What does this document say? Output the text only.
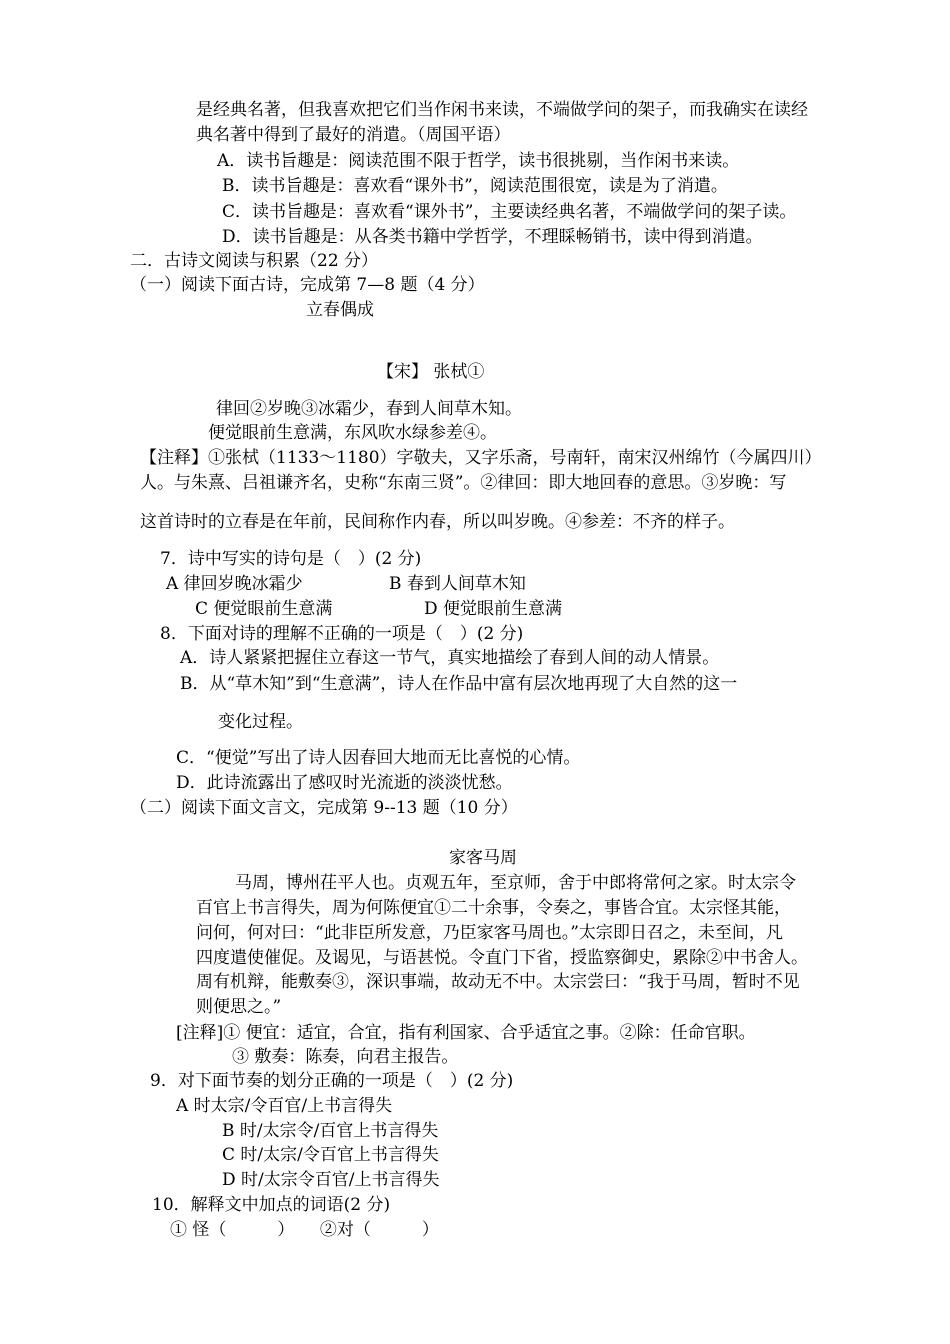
是经典名著，但我喜欢把它们当作闲书来读，不端做学问的架子，而我确实在读经
典名著中得到了最好的消遣。（周国平语）
A．读书旨趣是：阅读范围不限于哲学，读书很挑剔，当作闲书来读。
B．读书旨趣是：喜欢看“课外书”，阅读范围很宽，读是为了消遣。
C．读书旨趣是：喜欢看“课外书”，主要读经典名著，不端做学问的架子读。
D．读书旨趣是：从各类书籍中学哲学，不理睬畅销书，读中得到消遣。
二．古诗文阅读与积累（22 分）
（一）阅读下面古诗，完成第 7—8 题（4 分）
立春偶成
【宋】 张栻①
律回②岁晚③冰霜少，春到人间草木知。
便觉眼前生意满，东风吹水绿参差④。
【注释】①张栻（1133～1180）字敬夫，又字乐斋，号南轩，南宋汉州绵竹（今属四川）
人。与朱熹、吕祖谦齐名，史称“东南三贤”。②律回：即大地回春的意思。③岁晚：写
这首诗时的立春是在年前，民间称作内春，所以叫岁晚。④参差：不齐的样子。
7．诗中写实的诗句是（　）(2 分)
A 律回岁晚冰霜少	B 春到人间草木知
C 便觉眼前生意满	D 便觉眼前生意满
8．下面对诗的理解不正确的一项是（　）(2 分)
A．诗人紧紧把握住立春这一节气，真实地描绘了春到人间的动人情景。
B．从“草木知”到“生意满”，诗人在作品中富有层次地再现了大自然的这一
变化过程。
C．“便觉”写出了诗人因春回大地而无比喜悦的心情。
D．此诗流露出了感叹时光流逝的淡淡忧愁。
（二）阅读下面文言文，完成第 9--13 题（10 分）
家客马周
马周，博州茌平人也。贞观五年，至京师，舍于中郎将常何之家。时太宗令
百官上书言得失，周为何陈便宜①二十余事，令奏之，事皆合宜。太宗怪其能，
问何，何对曰：“此非臣所发意，乃臣家客马周也。”太宗即日召之，未至间，凡
四度遣使催促。及谒见，与语甚悦。令直门下省，授监察御史，累除②中书舍人。
周有机辩，能敷奏③，深识事端，故动无不中。太宗尝曰：“我于马周，暂时不见
则便思之。”
[注释]① 便宜：适宜，合宜，指有利国家、合乎适宜之事。②除：任命官职。
③ 敷奏：陈奏，向君主报告。
9．对下面节奏的划分正确的一项是（　）(2 分)
A 时太宗/令百官/上书言得失
B 时/太宗令/百官上书言得失
C 时/太宗/令百官上书言得失
D 时/太宗令百官/上书言得失
10．解释文中加点的词语(2 分)
① 怪（　　　）　　②对（　　　）
